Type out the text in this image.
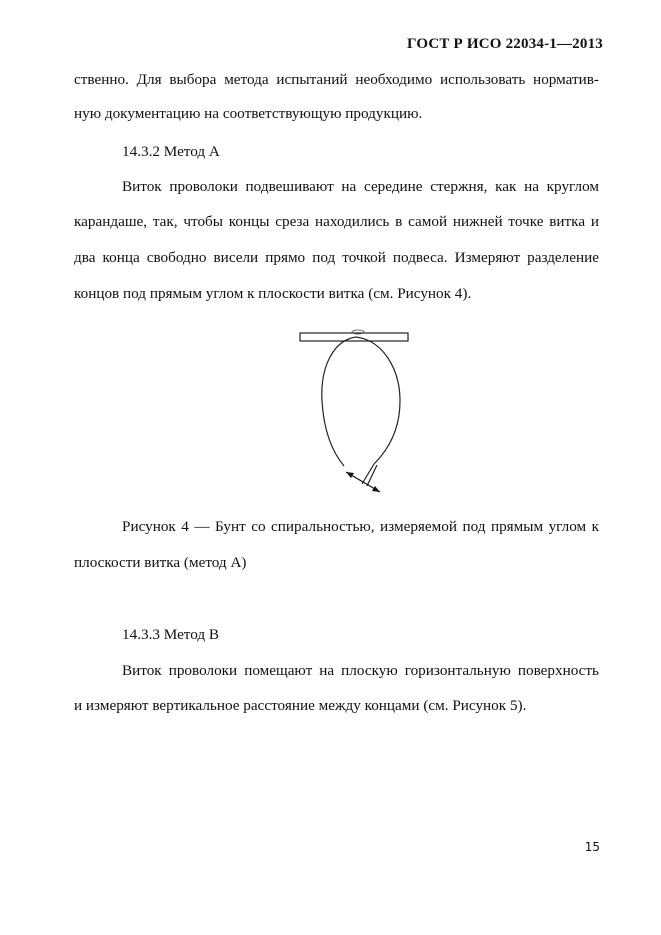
ГОСТ Р ИСО 22034-1—2013
ственно. Для выбора метода испытаний необходимо использовать норматив-
ную документацию на соответствующую продукцию.
14.3.2 Метод А
Виток проволоки подвешивают на середине стержня, как на круглом
карандаше, так, чтобы концы среза находились в самой нижней точке витка и
два конца свободно висели прямо под точкой подвеса. Измеряют разделение
концов под прямым углом к плоскости витка (см. Рисунок 4).
Рисунок 4 — Бунт со спиральностью, измеряемой под прямым углом к
плоскости витка (метод А)
14.3.3 Метод В
Виток проволоки помещают на плоскую горизонтальную поверхность
и измеряют вертикальное расстояние между концами (см. Рисунок 5).
15
